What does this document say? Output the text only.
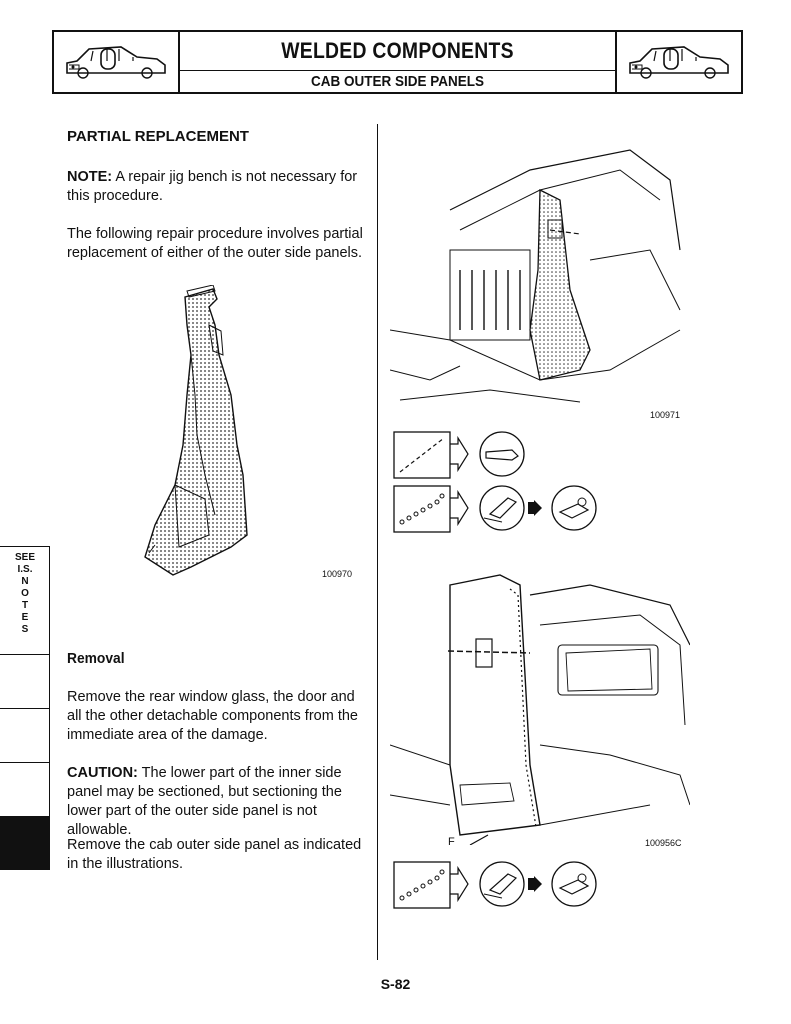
WELDED COMPONENTS
CAB OUTER SIDE PANELS
PARTIAL REPLACEMENT
NOTE: A repair jig bench is not necessary for this procedure.
The following repair procedure involves partial replacement of either of the outer side panels.
100970
Removal
Remove the rear window glass, the door and all the other detachable components from the immediate area of the damage.
CAUTION: The lower part of the inner side panel may be sectioned, but sectioning the lower part of the outer side panel is not allowable.
Remove the cab outer side panel as indicated in the illustrations.
100971
F	100956C
SEE
I.S.
N
O
T
E
S
S-82
